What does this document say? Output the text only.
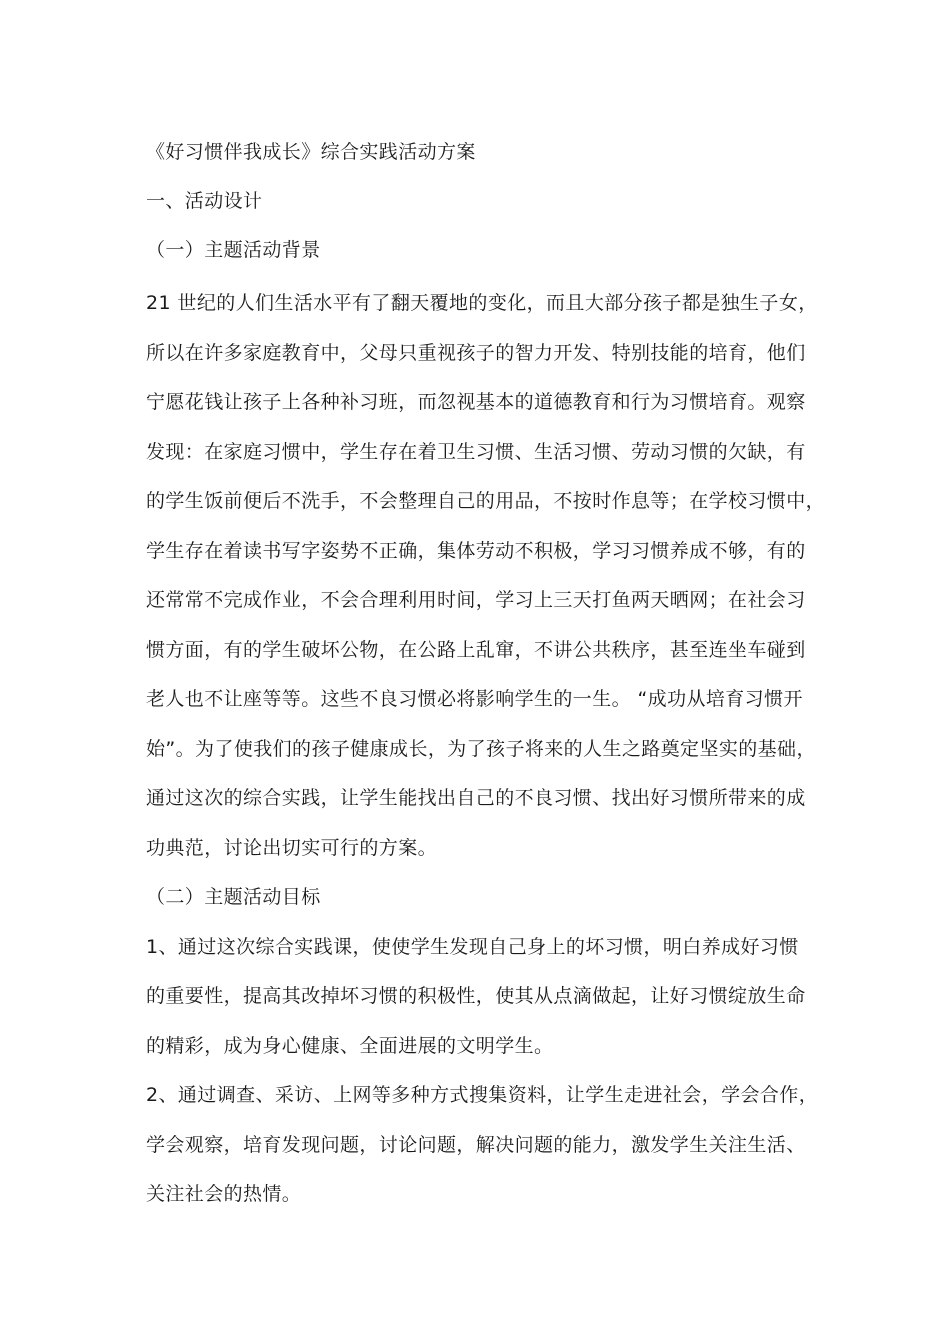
《好习惯伴我成长》综合实践活动方案
一、活动设计
（一）主题活动背景
21 世纪的人们生活水平有了翻天覆地的变化，而且大部分孩子都是独生子女，
所以在许多家庭教育中，父母只重视孩子的智力开发、特别技能的培育，他们
宁愿花钱让孩子上各种补习班，而忽视基本的道德教育和行为习惯培育。观察
发现：在家庭习惯中，学生存在着卫生习惯、生活习惯、劳动习惯的欠缺，有
的学生饭前便后不洗手，不会整理自己的用品，不按时作息等；在学校习惯中，
学生存在着读书写字姿势不正确，集体劳动不积极，学习习惯养成不够，有的
还常常不完成作业，不会合理利用时间，学习上三天打鱼两天晒网；在社会习
惯方面，有的学生破坏公物，在公路上乱窜，不讲公共秩序，甚至连坐车碰到
老人也不让座等等。这些不良习惯必将影响学生的一生。 “成功从培育习惯开
始”。为了使我们的孩子健康成长，为了孩子将来的人生之路奠定坚实的基础，
通过这次的综合实践，让学生能找出自己的不良习惯、找出好习惯所带来的成
功典范，讨论出切实可行的方案。
（二）主题活动目标
1、通过这次综合实践课，使使学生发现自己身上的坏习惯，明白养成好习惯
的重要性，提高其改掉坏习惯的积极性，使其从点滴做起，让好习惯绽放生命
的精彩，成为身心健康、全面进展的文明学生。
2、通过调查、采访、上网等多种方式搜集资料，让学生走进社会，学会合作，
学会观察，培育发现问题，讨论问题，解决问题的能力，激发学生关注生活、
关注社会的热情。
